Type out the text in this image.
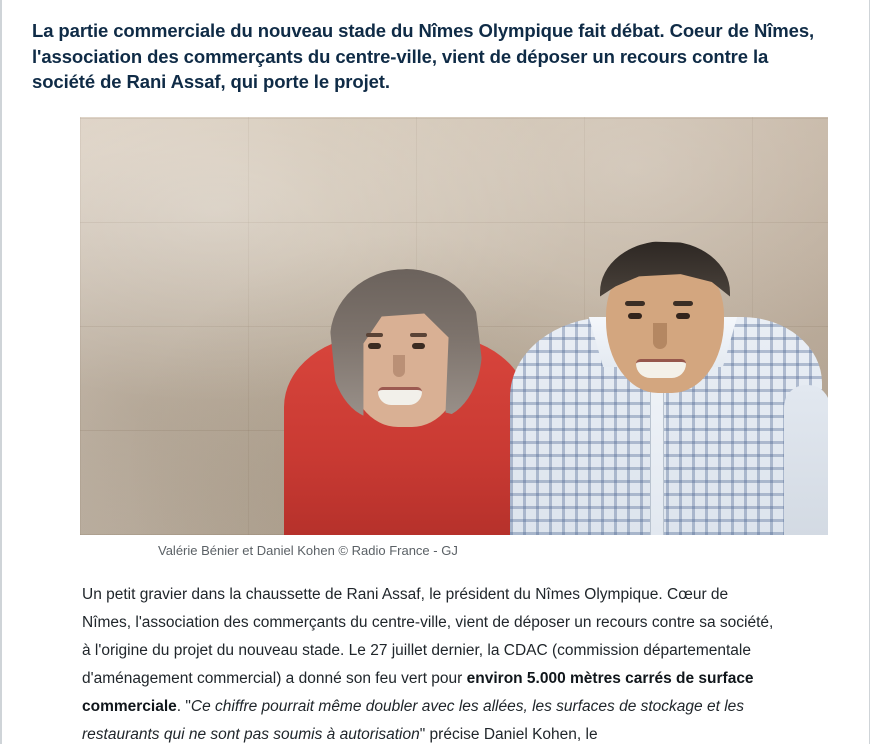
La partie commerciale du nouveau stade du Nîmes Olympique fait débat. Coeur de Nîmes, l'association des commerçants du centre-ville, vient de déposer un recours contre la société de Rani Assaf, qui porte le projet.

Valérie Bénier et Daniel Kohen © Radio France - GJ

Un petit gravier dans la chaussette de Rani Assaf, le président du Nîmes Olympique. Cœur de Nîmes, l'association des commerçants du centre-ville, vient de déposer un recours contre sa société, à l'origine du projet du nouveau stade. Le 27 juillet dernier, la CDAC (commission départementale d'aménagement commercial) a donné son feu vert pour environ 5.000 mètres carrés de surface commerciale. "Ce chiffre pourrait même doubler avec les allées, les surfaces de stockage et les restaurants qui ne sont pas soumis à autorisation" précise Daniel Kohen, le
